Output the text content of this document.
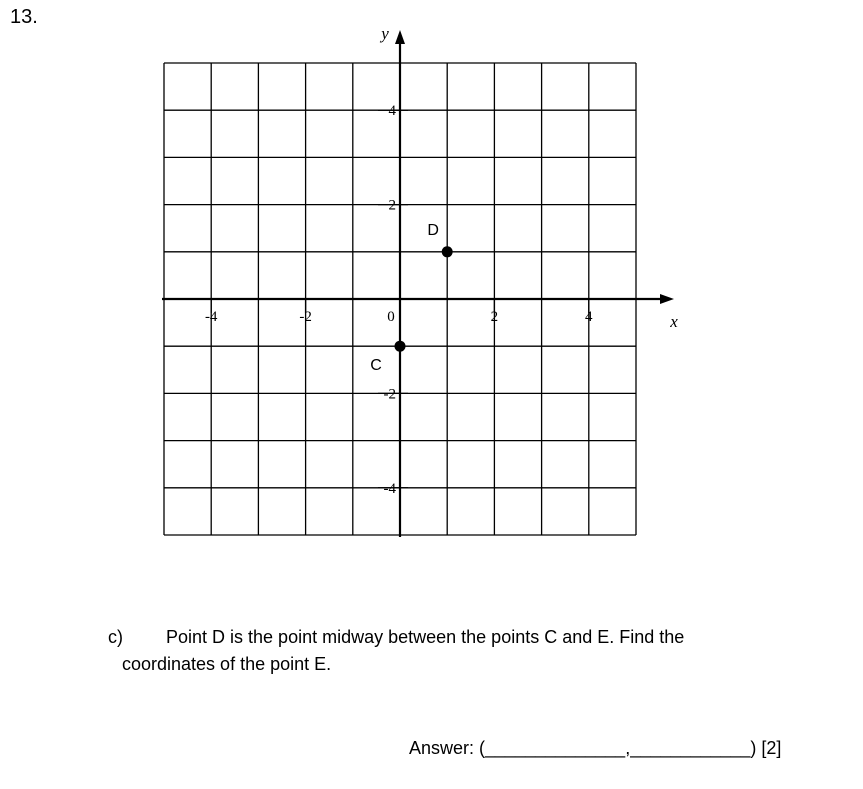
13.
x
y
-4	-2	0	2	4
4
2
-2
-4
D
C
c) Point D is the point midway between the points C and E. Find the
coordinates of the point E.
Answer: (______________,____________) [2]
